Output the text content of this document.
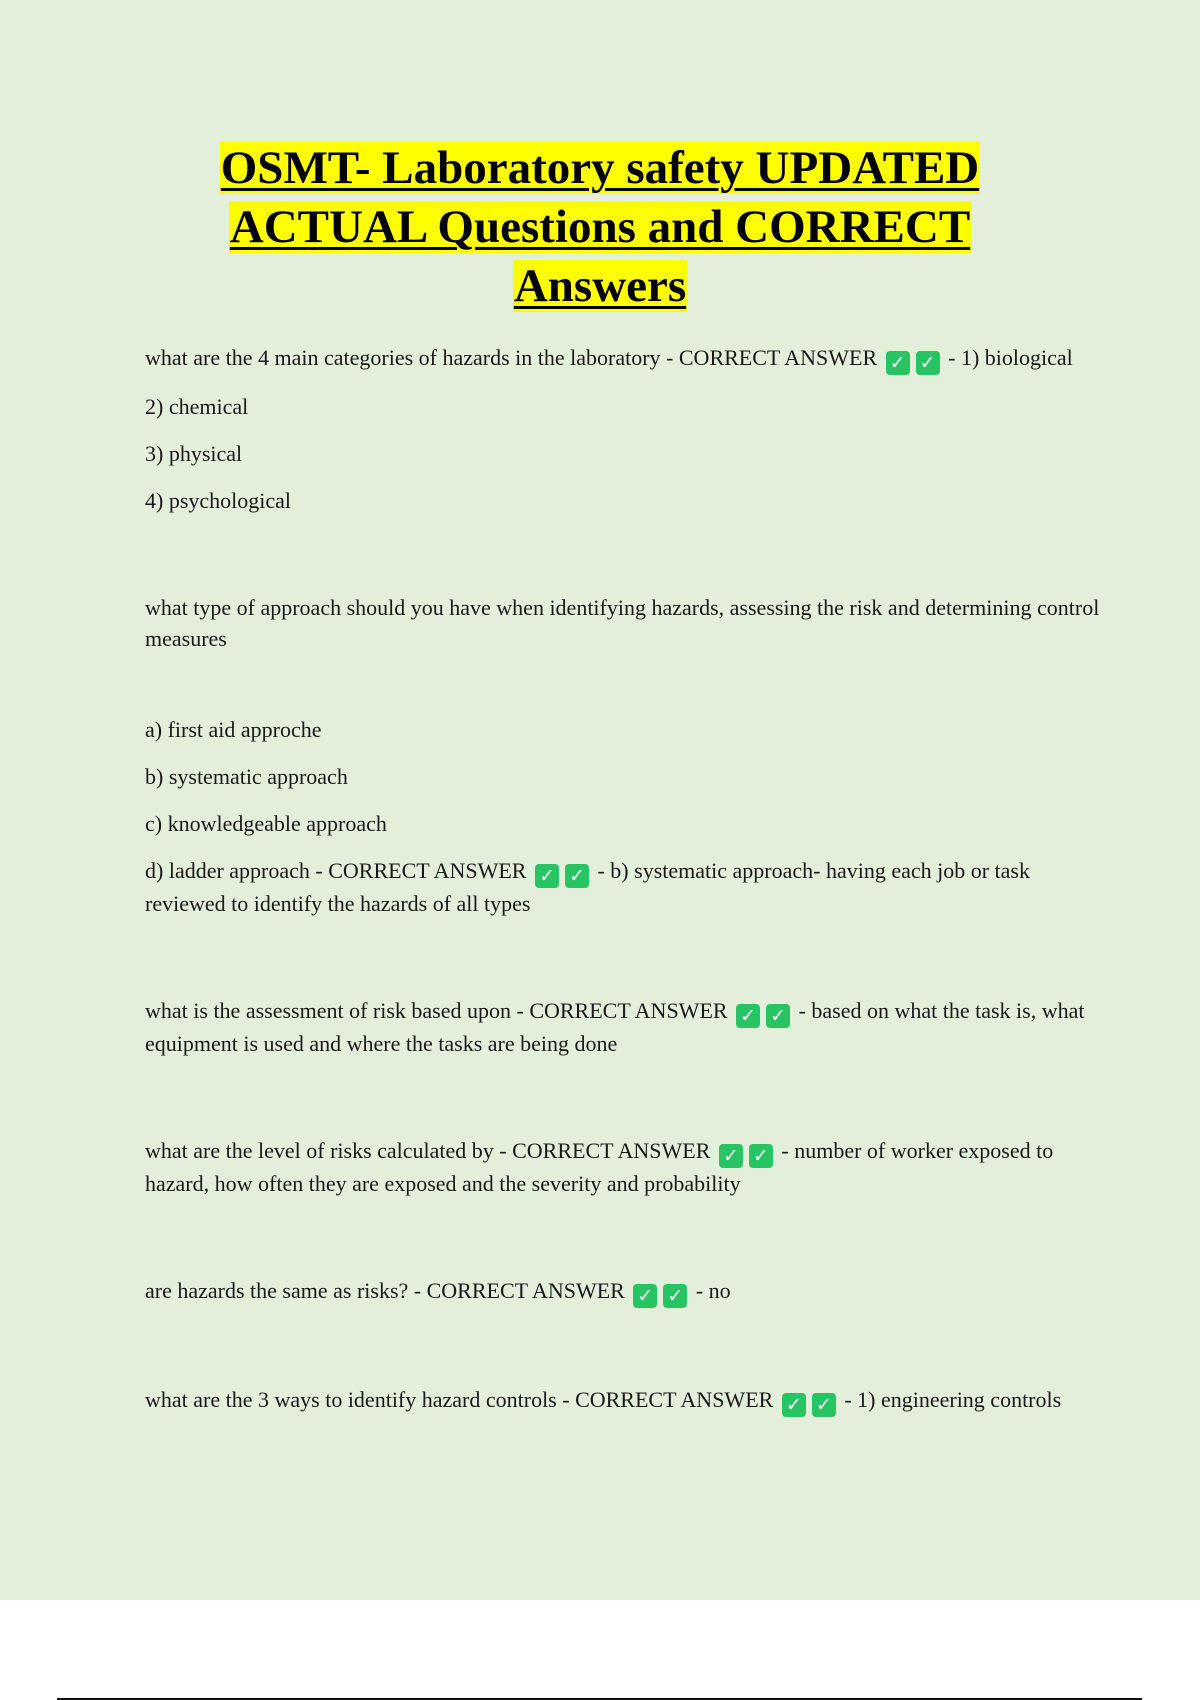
OSMT- Laboratory safety UPDATED
ACTUAL Questions and CORRECT
Answers

what are the 4 main categories of hazards in the laboratory - CORRECT ANSWER ✓ ✓ - 1) biological

2) chemical

3) physical

4) psychological

what type of approach should you have when identifying hazards, assessing the risk and determining control measures

a) first aid approche

b) systematic approach

c) knowledgeable approach

d) ladder approach - CORRECT ANSWER ✓ ✓ - b) systematic approach- having each job or task reviewed to identify the hazards of all types

what is the assessment of risk based upon - CORRECT ANSWER ✓ ✓ - based on what the task is, what equipment is used and where the tasks are being done

what are the level of risks calculated by - CORRECT ANSWER ✓ ✓ - number of worker exposed to hazard, how often they are exposed and the severity and probability

are hazards the same as risks? - CORRECT ANSWER ✓ ✓ - no

what are the 3 ways to identify hazard controls - CORRECT ANSWER ✓ ✓ - 1) engineering controls
